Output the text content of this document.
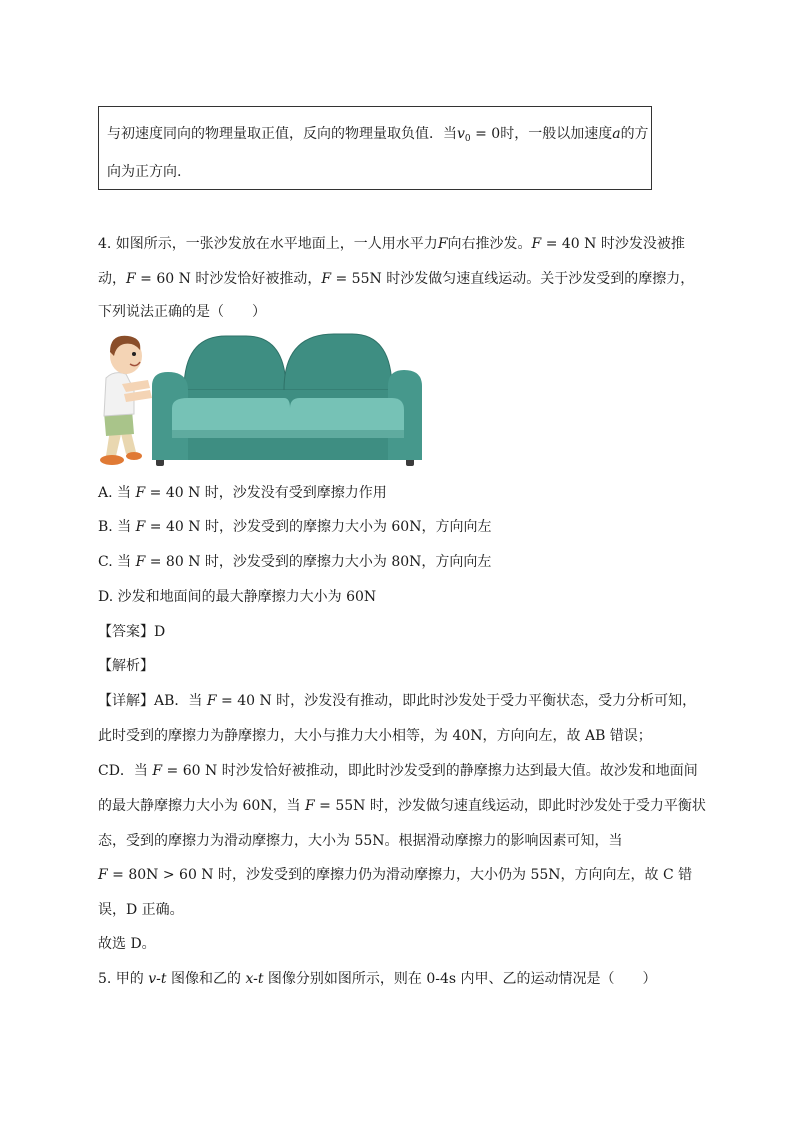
与初速度同向的物理量取正值，反向的物理量取负值．当$v_0 = 0$时，一般以加速度a的方
向为正方向.
4. 如图所示，一张沙发放在水平地面上，一人用水平力F向右推沙发。F = 40 N 时沙发没被推
动，F = 60 N 时沙发恰好被推动，F = 55N 时沙发做匀速直线运动。关于沙发受到的摩擦力，
下列说法正确的是（　　）
A. 当 F = 40 N 时，沙发没有受到摩擦力作用
B. 当 F = 40 N 时，沙发受到的摩擦力大小为 60N，方向向左
C. 当 F = 80 N 时，沙发受到的摩擦力大小为 80N，方向向左
D. 沙发和地面间的最大静摩擦力大小为 60N
【答案】D
【解析】
【详解】AB．当 F = 40 N 时，沙发没有推动，即此时沙发处于受力平衡状态，受力分析可知，
此时受到的摩擦力为静摩擦力，大小与推力大小相等，为 40N，方向向左，故 AB 错误；
CD．当 F = 60 N 时沙发恰好被推动，即此时沙发受到的静摩擦力达到最大值。故沙发和地面间
的最大静摩擦力大小为 60N，当 F = 55N 时，沙发做匀速直线运动，即此时沙发处于受力平衡状
态，受到的摩擦力为滑动摩擦力，大小为 55N。根据滑动摩擦力的影响因素可知，当
F = 80N > 60 N 时，沙发受到的摩擦力仍为滑动摩擦力，大小仍为 55N，方向向左，故 C 错
误，D 正确。
故选 D。
5. 甲的 v-t 图像和乙的 x-t 图像分别如图所示，则在 0-4s 内甲、乙的运动情况是（　　）
